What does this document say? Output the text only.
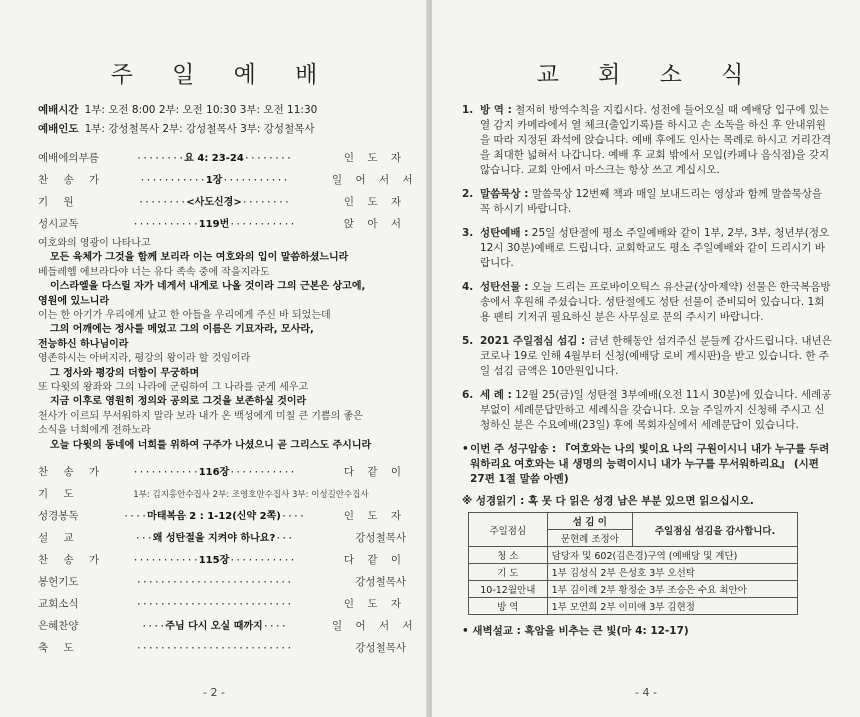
주 일 예 배
예배시간 1부: 오전 8:00 2부: 오전 10:30 3부: 오전 11:30
예배인도 1부: 강성철목사 2부: 강성철목사 3부: 강성철목사
예배에의부름	········요 4: 23-24········	인 도 자
찬 송 가	···········1장···········	일 어 서 서
기 원	········<사도신경>········	인 도 자
성시교독	···········119번···········	앉 아 서
여호와의 영광이 나타나고
모든 육체가 그것을 함께 보리라 이는 여호와의 입이 말씀하셨느니라
베들레헴 에브라다야 너는 유다 족속 중에 작을지라도
이스라엘을 다스릴 자가 네게서 내게로 나올 것이라 그의 근본은 상고에,
영원에 있느니라
이는 한 아기가 우리에게 났고 한 아들을 우리에게 주신 바 되었는데
그의 어깨에는 정사를 메었고 그의 이름은 기묘자라, 모사라,
전능하신 하나님이라
영존하시는 아버지라, 평강의 왕이라 할 것임이라
그 정사와 평강의 더함이 무궁하며
또 다윗의 왕좌와 그의 나라에 군림하여 그 나라를 굳게 세우고
지금 이후로 영원히 정의와 공의로 그것을 보존하실 것이라
천사가 이르되 무서워하지 말라 보라 내가 온 백성에게 미칠 큰 기쁨의 좋은
소식을 너희에게 전하노라
오늘 다윗의 동네에 너희를 위하여 구주가 나셨으니 곧 그리스도 주시니라
찬 송 가	···········116장···········	다 같 이
기 도	1부: 김지홍안수집사 2부: 조영호안수집사 3부: 이성길안수집사
성경봉독	····마태복음 2 : 1-12(신약 2쪽)····	인 도 자
설 교	···왜 성탄절을 지켜야 하나요?···	강성철목사
찬 송 가	···········115장···········	다 같 이
봉헌기도	··························	강성철목사
교회소식	··························	인 도 자
은혜찬양	····주님 다시 오실 때까지····	일 어 서 서
축 도	··························	강성철목사
- 2 -
교 회 소 식
1. 방 역 : 철저히 방역수칙을 지킵시다. 성전에 들어오실 때 예배당 입구에 있는 열 감지 카메라에서 열 체크(출입기록)를 하시고 손 소독을 하신 후 안내위원을 따라 지정된 좌석에 앉습니다. 예배 후에도 인사는 목례로 하시고 거리간격을 최대한 넓혀서 나갑니다. 예배 후 교회 밖에서 모임(카페나 음식점)을 갖지 않습니다. 교회 안에서 마스크는 항상 쓰고 계십시오.
2. 말씀묵상 : 말씀묵상 12번째 책과 매일 보내드리는 영상과 함께 말씀묵상을 꼭 하시기 바랍니다.
3. 성탄예배 : 25일 성탄절에 평소 주일예배와 같이 1부, 2부, 3부, 청년부(정오 12시 30분)예배로 드립니다. 교회학교도 평소 주일예배와 같이 드리시기 바랍니다.
4. 성탄선물 : 오늘 드리는 프로바이오틱스 유산균(상아제약) 선물은 한국복음방송에서 후원해 주셨습니다. 성탄절에도 성탄 선물이 준비되어 있습니다. 1회용 팬티 기저귀 필요하신 분은 사무실로 문의 주시기 바랍니다.
5. 2021 주일점심 섬김 : 금년 한해동안 섬겨주신 분들께 감사드립니다. 내년은 코로나 19로 인해 4월부터 신청(예배당 로비 게시판)을 받고 있습니다. 한 주일 섬김 금액은 10만원입니다.
6. 세 례 : 12월 25(금)일 성탄절 3부예배(오전 11시 30분)에 있습니다. 세례공부없이 세례문답만하고 세례식을 갖습니다. 오늘 주일까지 신청해 주시고 신청하신 분은 수요예배(23일) 후에 목회자실에서 세례문답이 있습니다.
• 이번 주 성구암송 : 『여호와는 나의 빛이요 나의 구원이시니 내가 누구를 두려워하리요 여호와는 내 생명의 능력이시니 내가 누구를 무서워하리요』 (시편 27편 1절 말씀 아멘)
※ 성경읽기 : 혹 못 다 읽은 성경 남은 부분 있으면 읽으십시오.
주일점심	섬 김 이	주일점심 섬김을 감사합니다.
	문현례 조정아	
청 소	담당자 및 602(김은경)구역 (예배당 및 계단)	
기 도	1부 김성식 2부 은성호 3부 오선탁	
10-12월안내	1부 김이례 2부 황정순 3부 조승은 수요 최안아	
방 역	1부 모연희 2부 이미애 3부 김현정	
• 새벽설교 : 흑암을 비추는 큰 빛(마 4: 12-17)
- 4 -
